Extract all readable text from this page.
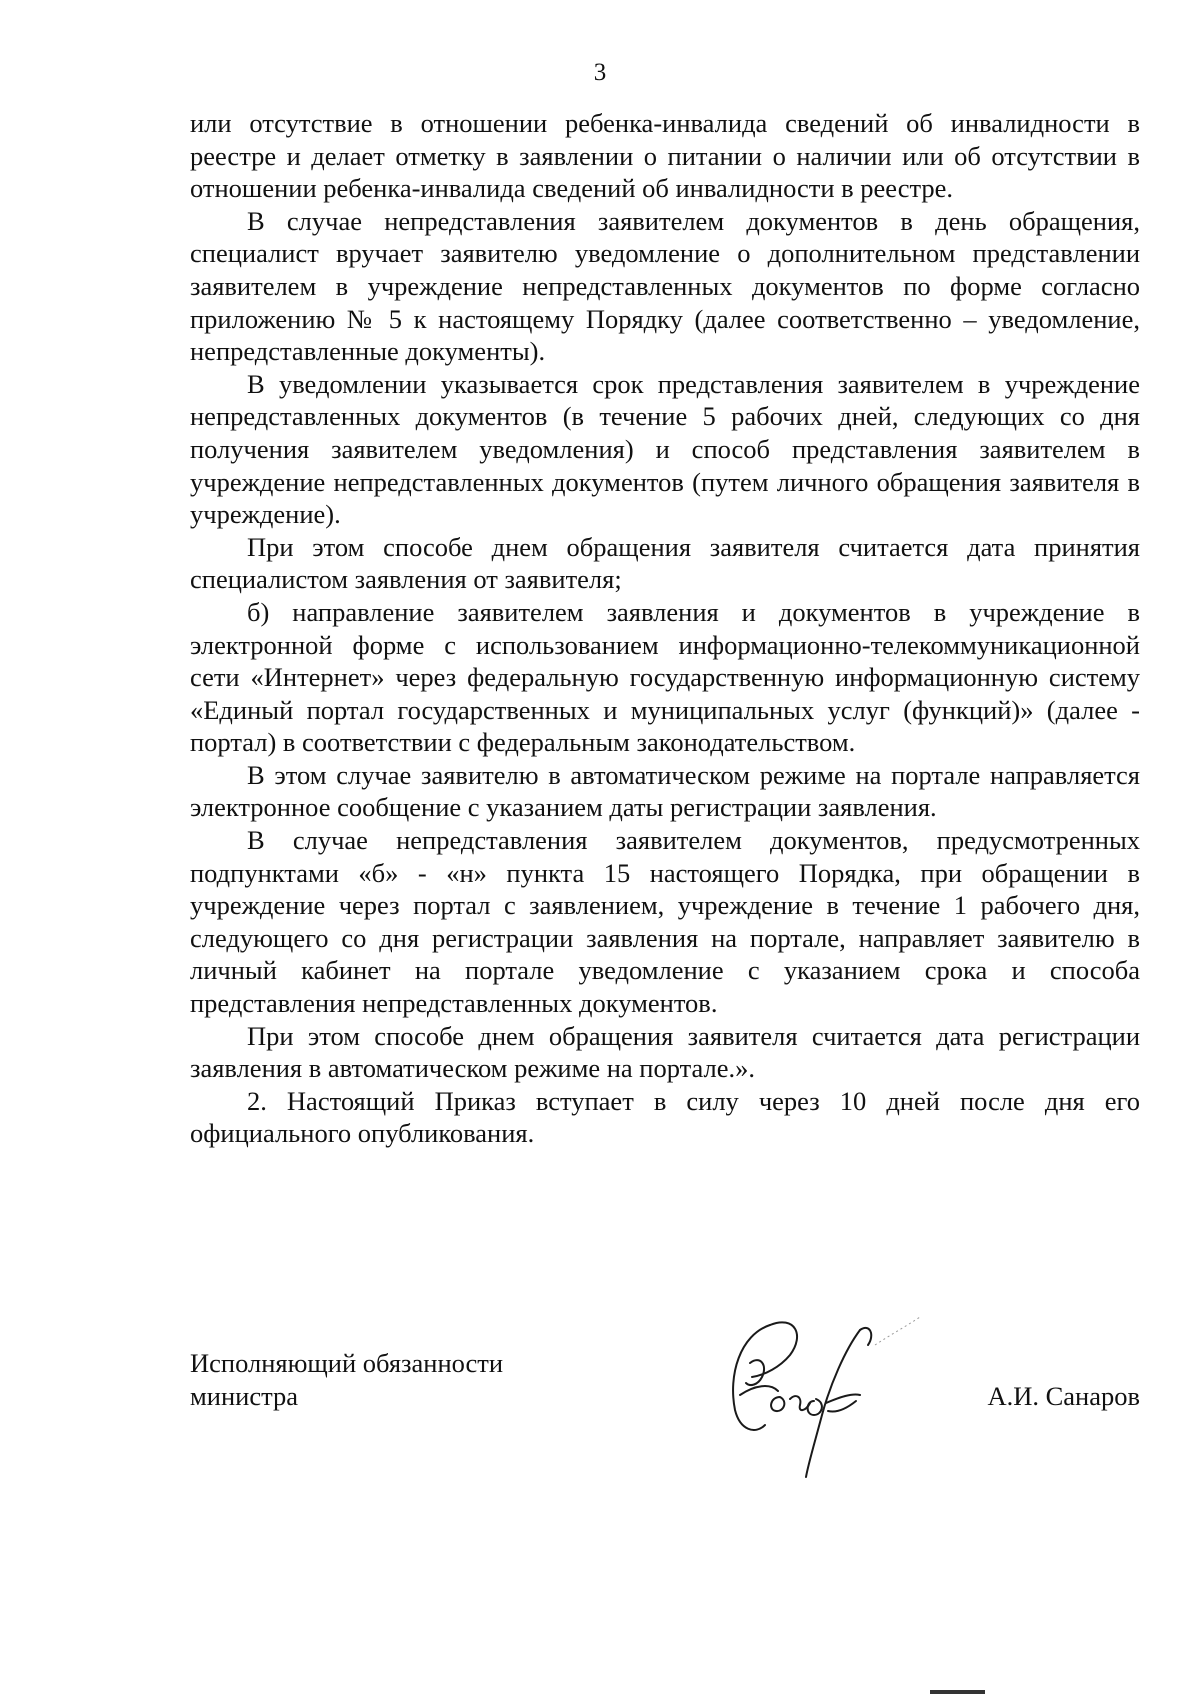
3

или отсутствие в отношении ребенка-инвалида сведений об инвалидности в реестре и делает отметку в заявлении о питании о наличии или об отсутствии в отношении ребенка-инвалида сведений об инвалидности в реестре.

В случае непредставления заявителем документов в день обращения, специалист вручает заявителю уведомление о дополнительном представлении заявителем в учреждение непредставленных документов по форме согласно приложению № 5 к настоящему Порядку (далее соответственно – уведомление, непредставленные документы).

В уведомлении указывается срок представления заявителем в учреждение непредставленных документов (в течение 5 рабочих дней, следующих со дня получения заявителем уведомления) и способ представления заявителем в учреждение непредставленных документов (путем личного обращения заявителя в учреждение).

При этом способе днем обращения заявителя считается дата принятия специалистом заявления от заявителя;

б) направление заявителем заявления и документов в учреждение в электронной форме с использованием информационно-телекоммуникационной сети «Интернет» через федеральную государственную информационную систему «Единый портал государственных и муниципальных услуг (функций)» (далее - портал) в соответствии с федеральным законодательством.

В этом случае заявителю в автоматическом режиме на портале направляется электронное сообщение с указанием даты регистрации заявления.

В случае непредставления заявителем документов, предусмотренных подпунктами «б» - «н» пункта 15 настоящего Порядка, при обращении в учреждение через портал с заявлением, учреждение в течение 1 рабочего дня, следующего со дня регистрации заявления на портале, направляет заявителю в личный кабинет на портале уведомление с указанием срока и способа представления непредставленных документов.

При этом способе днем обращения заявителя считается дата регистрации заявления в автоматическом режиме на портале.».

2. Настоящий Приказ вступает в силу через 10 дней после дня его официального опубликования.

Исполняющий обязанности
министра	А.И. Санаров
